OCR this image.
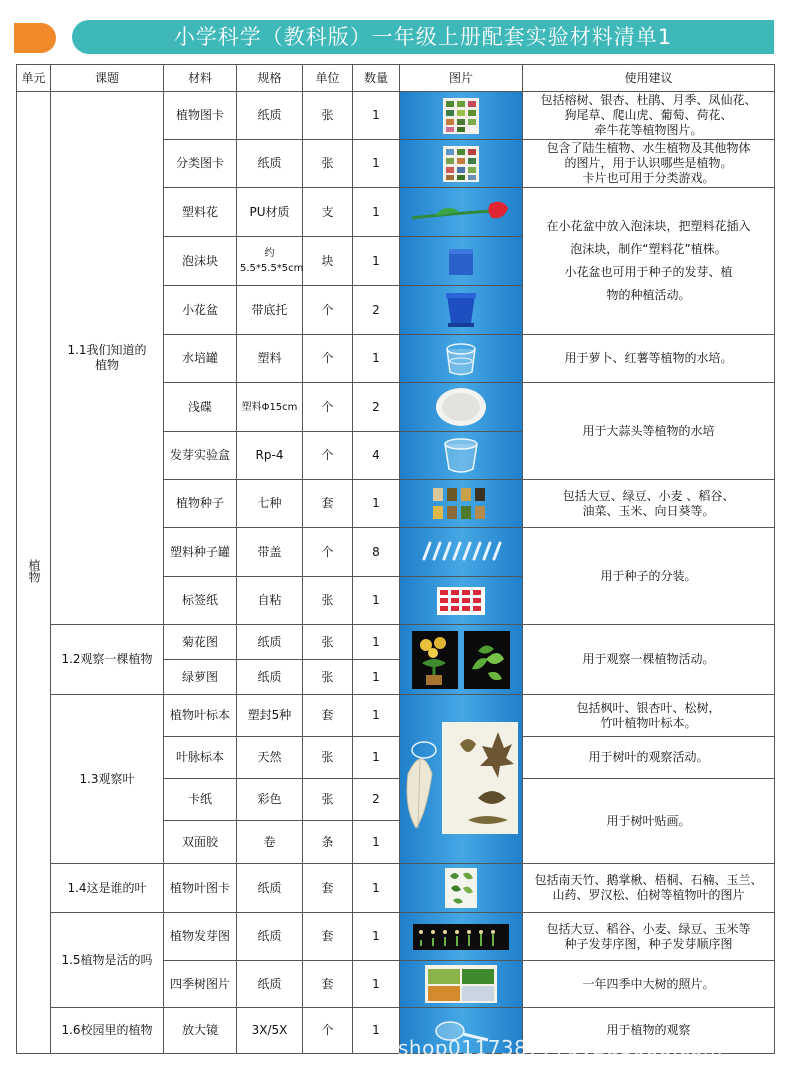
小学科学（教科版）一年级上册配套实验材料清单1
单元	课题	材料	规格	单位	数量	图片	使用建议
植物	1.1我们知道的植物	植物图卡	纸质	张	1		包括榕树、银杏、杜鹃、月季、凤仙花、
狗尾草、爬山虎、葡萄、荷花、
牵牛花等植物图片。

		分类图卡	纸质	张	1		包含了陆生植物、水生植物及其他物体
的图片，用于认识哪些是植物。
卡片也可用于分类游戏。

		塑料花	PU材质	支	1		在小花盆中放入泡沫块，把塑料花插入
泡沫块，制作“塑料花”植株。
小花盆也可用于种子的发芽、植
物的种植活动。

		泡沫块	约5.5*5.5*5cm	块	1	

		小花盆	带底托	个	2	

		水培罐	塑料	个	1		用于萝卜、红薯等植物的水培。

		浅碟	塑料Φ15cm	个	2		用于大蒜头等植物的水培

		发芽实验盒	Rp-4	个	4	

		植物种子	七种	套	1		包括大豆、绿豆、小麦 、稻谷、
油菜、玉米、向日葵等。

		塑料种子罐	带盖	个	8		用于种子的分装。

		标签纸	自粘	张	1	

	1.2观察一棵植物	菊花图	纸质	张	1		用于观察一棵植物活动。

		绿萝图	纸质	张	1		
	1.3观察叶	植物叶标本	塑封5种	套	1		包括枫叶、银杏叶、松树，
竹叶植物叶标本。

		叶脉标本	天然	张	1		用于树叶的观察活动。

		卡纸	彩色	张	2		用于树叶贴画。

		双面胶	卷	条	1		
	1.4这是谁的叶	植物叶图卡	纸质	套	1		包括南天竹、鹅掌楸、梧桐、石楠、玉兰、
山药、罗汉松、伯树等植物叶的图片

	1.5植物是活的吗	植物发芽图	纸质	套	1		包括大豆、稻谷、小麦、绿豆、玉米等
种子发芽序图，种子发芽顺序图

		四季树图片	纸质	套	1		一年四季中大树的照片。

	1.6校园里的植物	放大镜	3X/5X	个	1		用于植物的观察
shop0117387779y2d1688.com
